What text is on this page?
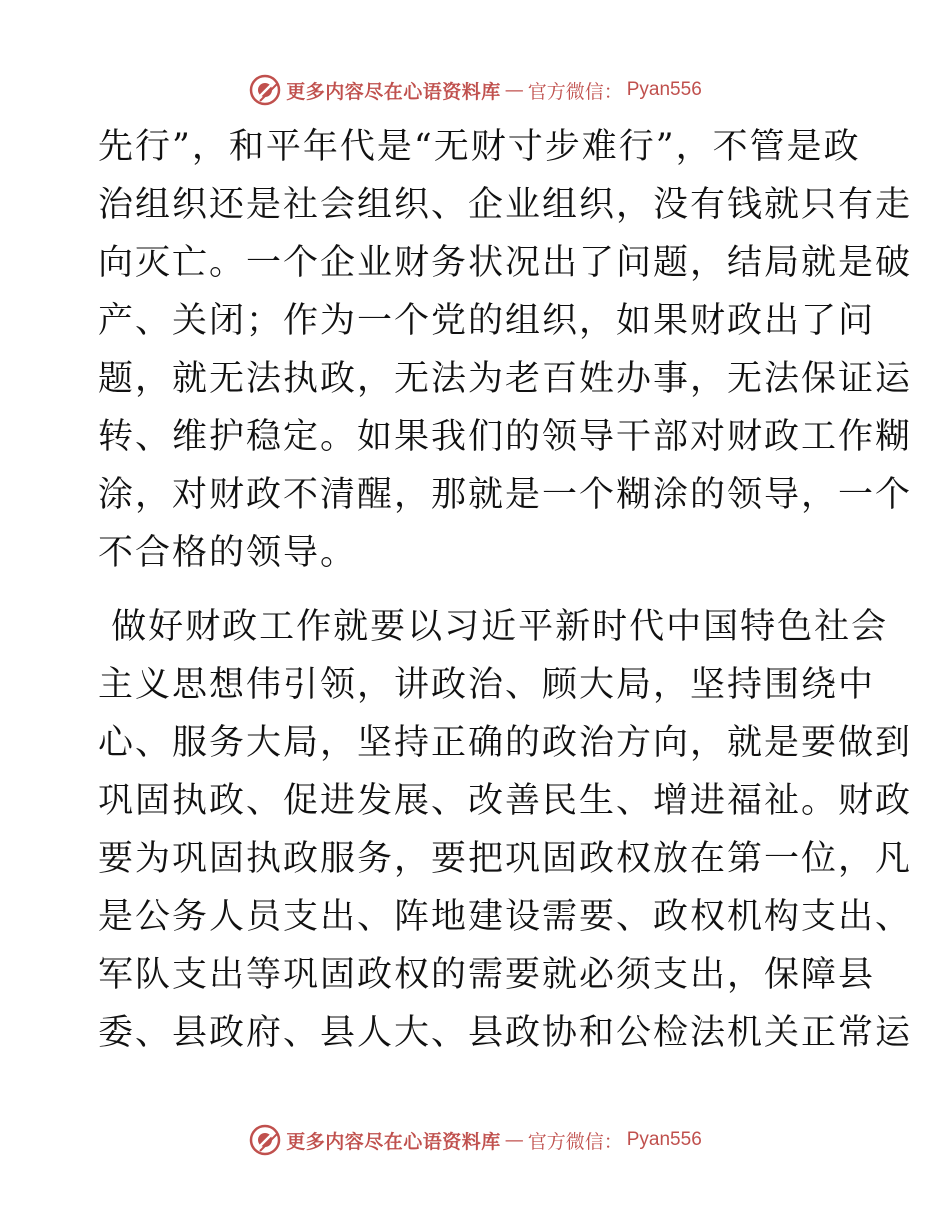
更多内容尽在心语资料库 — 官方微信： Pyan556
先行”，和平年代是“无财寸步难行”，不管是政
治组织还是社会组织、企业组织，没有钱就只有走
向灭亡。一个企业财务状况出了问题，结局就是破
产、关闭；作为一个党的组织，如果财政出了问
题，就无法执政，无法为老百姓办事，无法保证运
转、维护稳定。如果我们的领导干部对财政工作糊
涂，对财政不清醒，那就是一个糊涂的领导，一个
不合格的领导。
做好财政工作就要以习近平新时代中国特色社会
主义思想伟引领，讲政治、顾大局，坚持围绕中
心、服务大局，坚持正确的政治方向，就是要做到
巩固执政、促进发展、改善民生、增进福祉。财政
要为巩固执政服务，要把巩固政权放在第一位，凡
是公务人员支出、阵地建设需要、政权机构支出、
军队支出等巩固政权的需要就必须支出，保障县
委、县政府、县人大、县政协和公检法机关正常运
更多内容尽在心语资料库 — 官方微信： Pyan556
